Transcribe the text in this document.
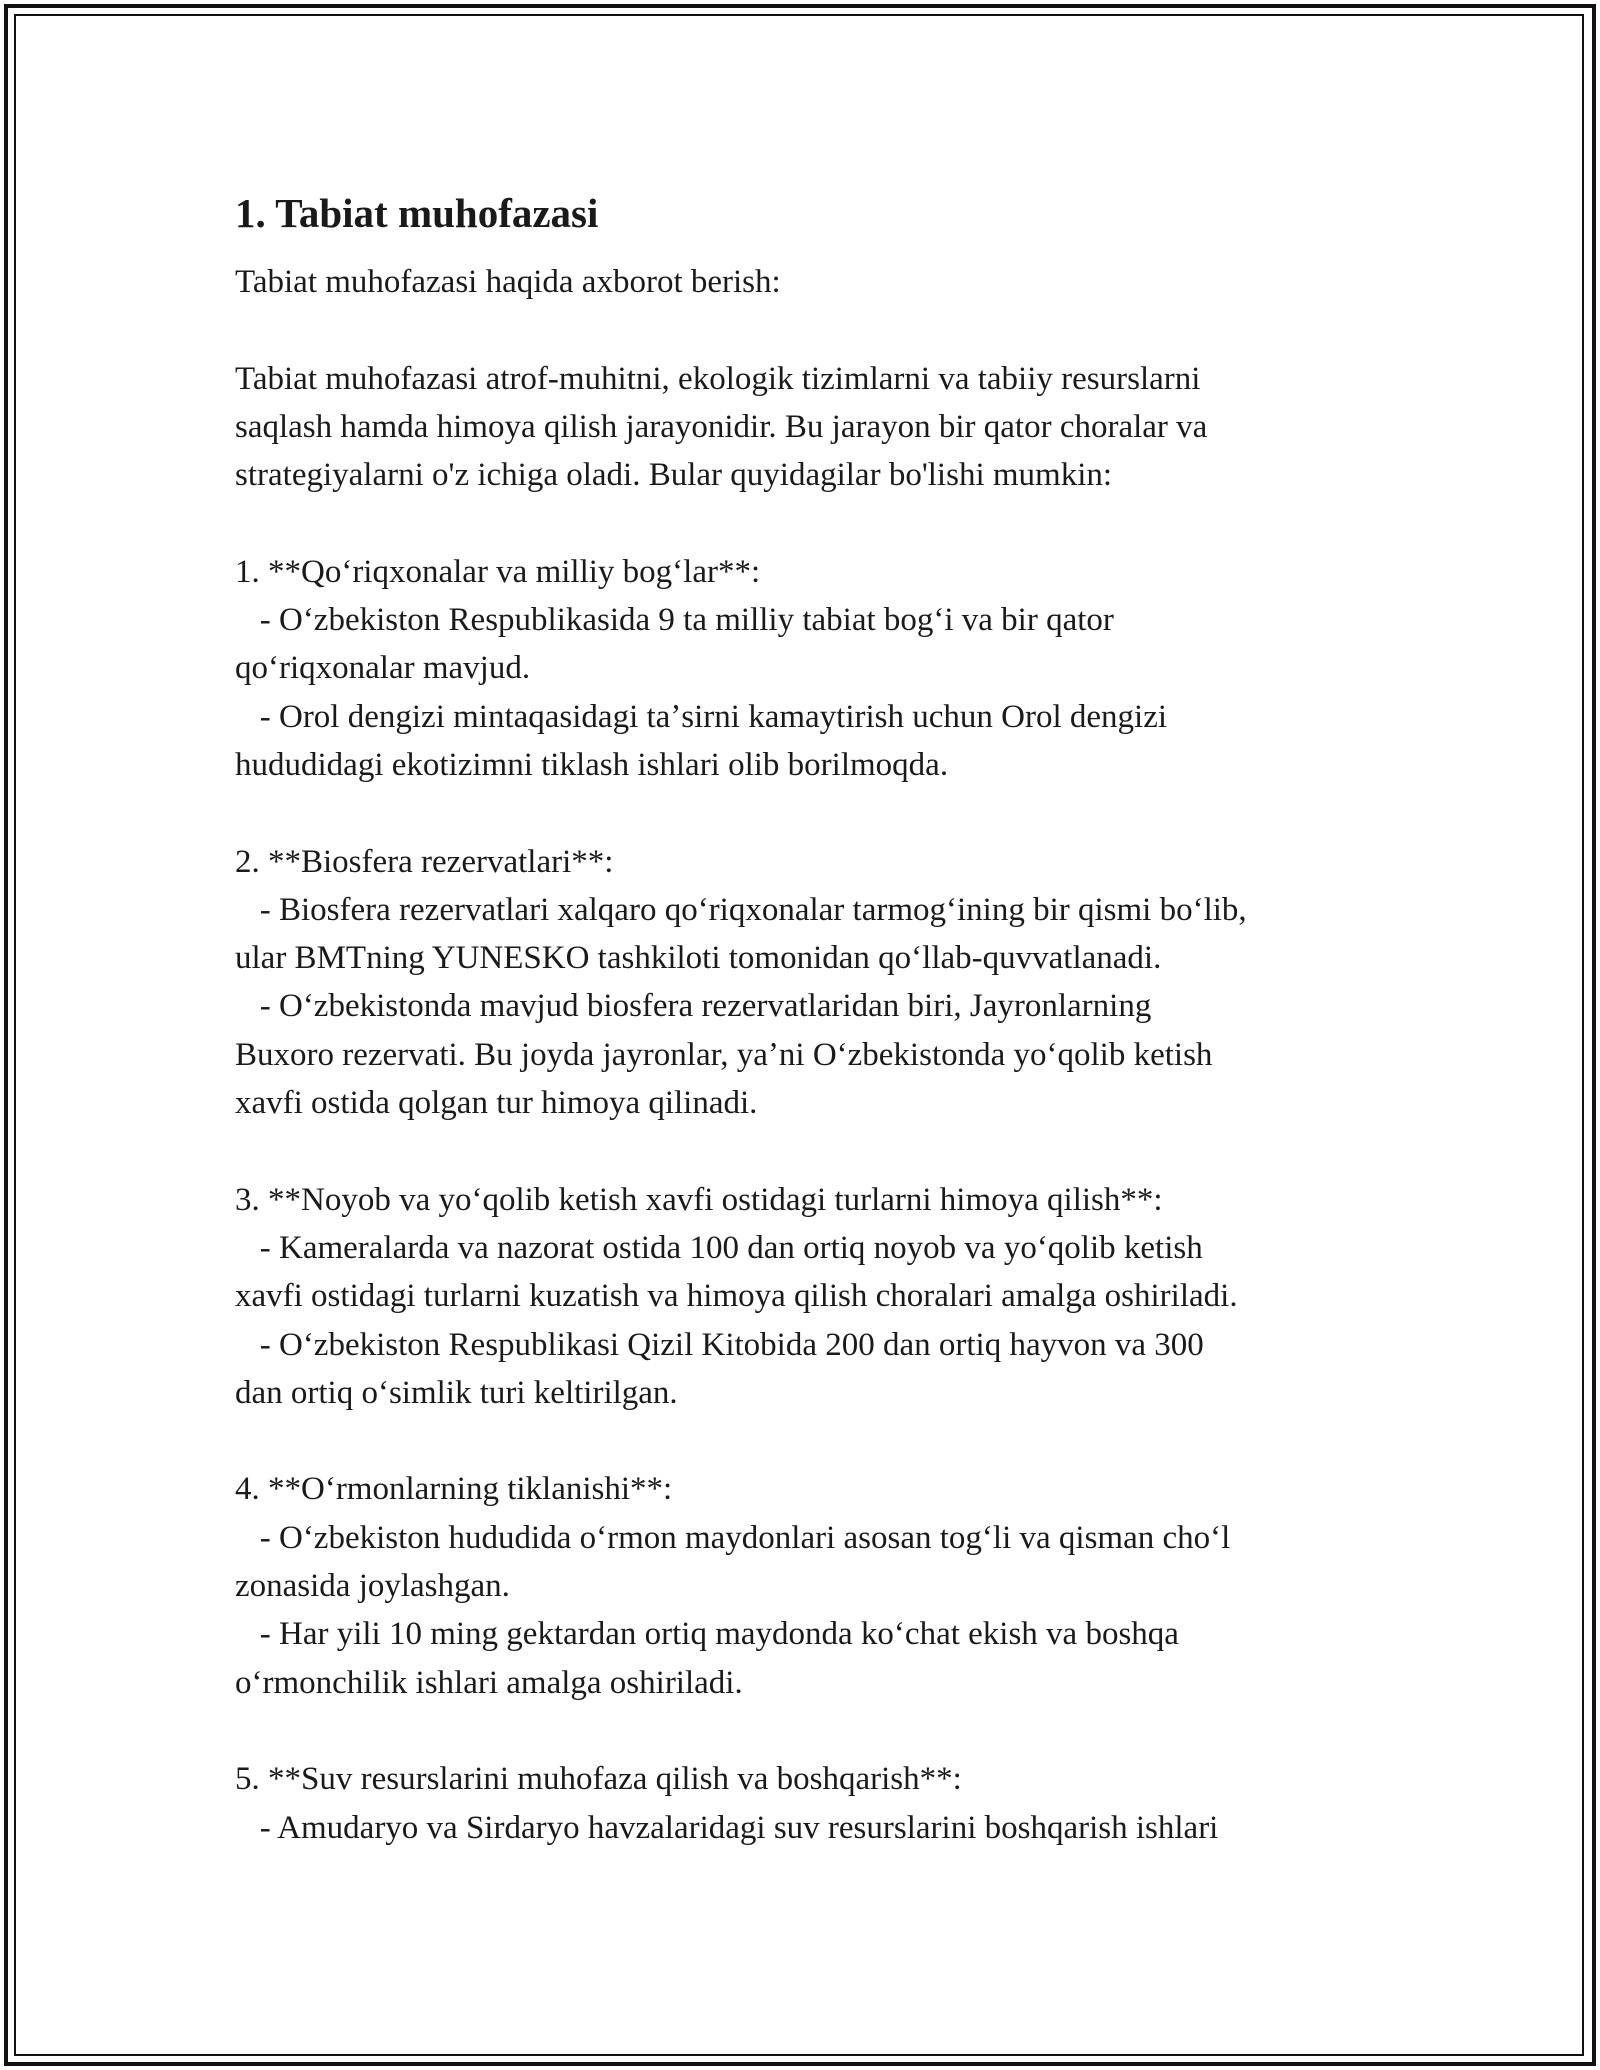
1. Tabiat muhofazasi
Tabiat muhofazasi haqida axborot berish:
Tabiat muhofazasi atrof-muhitni, ekologik tizimlarni va tabiiy resurslarni
saqlash hamda himoya qilish jarayonidir. Bu jarayon bir qator choralar va
strategiyalarni o'z ichiga oladi. Bular quyidagilar bo'lishi mumkin:
1. **Qoʻriqxonalar va milliy bogʻlar**:
- Oʻzbekiston Respublikasida 9 ta milliy tabiat bogʻi va bir qator
qoʻriqxonalar mavjud.
- Orol dengizi mintaqasidagi taʼsirni kamaytirish uchun Orol dengizi
hududidagi ekotizimni tiklash ishlari olib borilmoqda.
2. **Biosfera rezervatlari**:
- Biosfera rezervatlari xalqaro qoʻriqxonalar tarmogʻining bir qismi boʻlib,
ular BMTning YUNESKO tashkiloti tomonidan qoʻllab-quvvatlanadi.
- Oʻzbekistonda mavjud biosfera rezervatlaridan biri, Jayronlarning
Buxoro rezervati. Bu joyda jayronlar, yaʼni Oʻzbekistonda yoʻqolib ketish
xavfi ostida qolgan tur himoya qilinadi.
3. **Noyob va yoʻqolib ketish xavfi ostidagi turlarni himoya qilish**:
- Kameralarda va nazorat ostida 100 dan ortiq noyob va yoʻqolib ketish
xavfi ostidagi turlarni kuzatish va himoya qilish choralari amalga oshiriladi.
- Oʻzbekiston Respublikasi Qizil Kitobida 200 dan ortiq hayvon va 300
dan ortiq oʻsimlik turi keltirilgan.
4. **Oʻrmonlarning tiklanishi**:
- Oʻzbekiston hududida oʻrmon maydonlari asosan togʻli va qisman choʻl
zonasida joylashgan.
- Har yili 10 ming gektardan ortiq maydonda koʻchat ekish va boshqa
oʻrmonchilik ishlari amalga oshiriladi.
5. **Suv resurslarini muhofaza qilish va boshqarish**:
- Amudaryo va Sirdaryo havzalaridagi suv resurslarini boshqarish ishlari
